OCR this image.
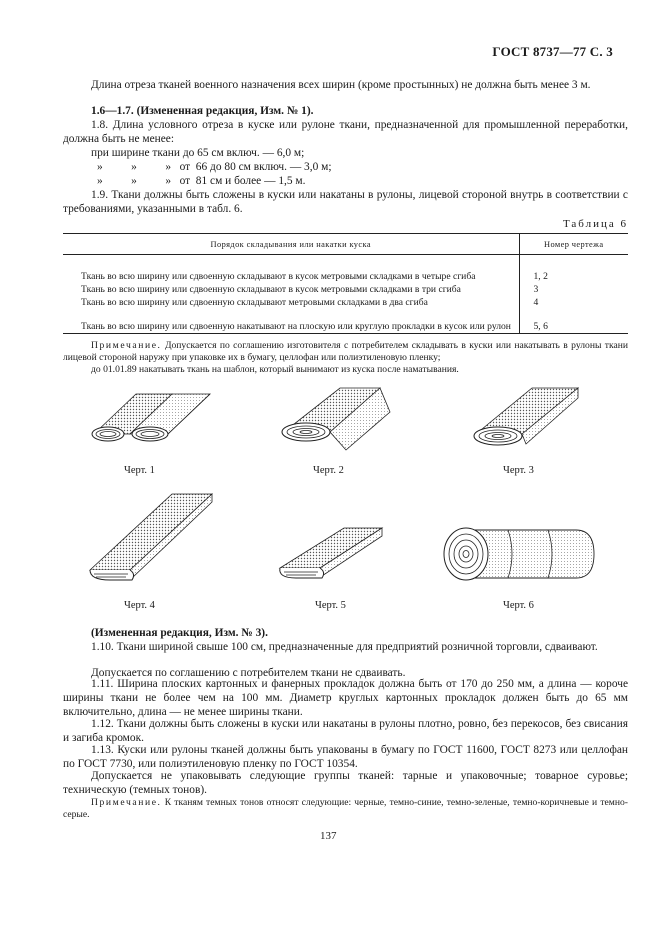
ГОСТ 8737—77 С. 3
Длина отреза тканей военного назначения всех ширин (кроме простынных) не должна быть менее 3 м.
1.6—1.7. (Измененная редакция, Изм. № 1).
1.8. Длина условного отреза в куске или рулоне ткани, предназначенной для промышленной переработки, должна быть не менее:
при ширине ткани до 65 см включ. — 6,0 м;
»          »          »   от  66 до 80 см включ. — 3,0 м;
»          »          »   от  81 см и более — 1,5 м.
1.9. Ткани должны быть сложены в куски или накатаны в рулоны, лицевой стороной внутрь в соответствии с требованиями, указанными в табл. 6.
Таблица 6
Порядок складывания или накатки куска	Номер чертежа
Ткань во всю ширину или сдвоенную складывают в кусок метровыми складками в четыре сгиба	1, 2
Ткань во всю ширину или сдвоенную складывают в кусок метровыми складками в три сгиба	3
Ткань во всю ширину или сдвоенную складывают метровыми складками в два сгиба	4
Ткань во всю ширину или сдвоенную накатывают на плоскую или круглую прокладки в кусок или рулон	5, 6
Примечание. Допускается по соглашению изготовителя с потребителем складывать в куски или накатывать в рулоны ткани лицевой стороной наружу при упаковке их в бумагу, целлофан или полиэтиленовую пленку;
до 01.01.89 накатывать ткань на шаблон, который вынимают из куска после наматывания.
Черт. 1	Черт. 2	Черт. 3
Черт. 4	Черт. 5	Черт. 6
(Измененная редакция, Изм. № 3).
1.10. Ткани шириной свыше 100 см, предназначенные для предприятий розничной торговли, сдваивают.
Допускается по соглашению с потребителем ткани не сдваивать.
1.11. Ширина плоских картонных и фанерных прокладок должна быть от 170 до 250 мм, а длина — короче ширины ткани не более чем на 100 мм. Диаметр круглых картонных прокладок должен быть до 65 мм включительно, длина — не менее ширины ткани.
1.12. Ткани должны быть сложены в куски или накатаны в рулоны плотно, ровно, без перекосов, без свисания и загиба кромок.
1.13. Куски или рулоны тканей должны быть упакованы в бумагу по ГОСТ 11600, ГОСТ 8273 или целлофан по ГОСТ 7730, или полиэтиленовую пленку по ГОСТ 10354.
Допускается не упаковывать следующие группы тканей: тарные и упаковочные; товарное суровье; техническую (темных тонов).
Примечание. К тканям темных тонов относят следующие: черные, темно-синие, темно-зеленые, темно-коричневые и темно-серые.
137
